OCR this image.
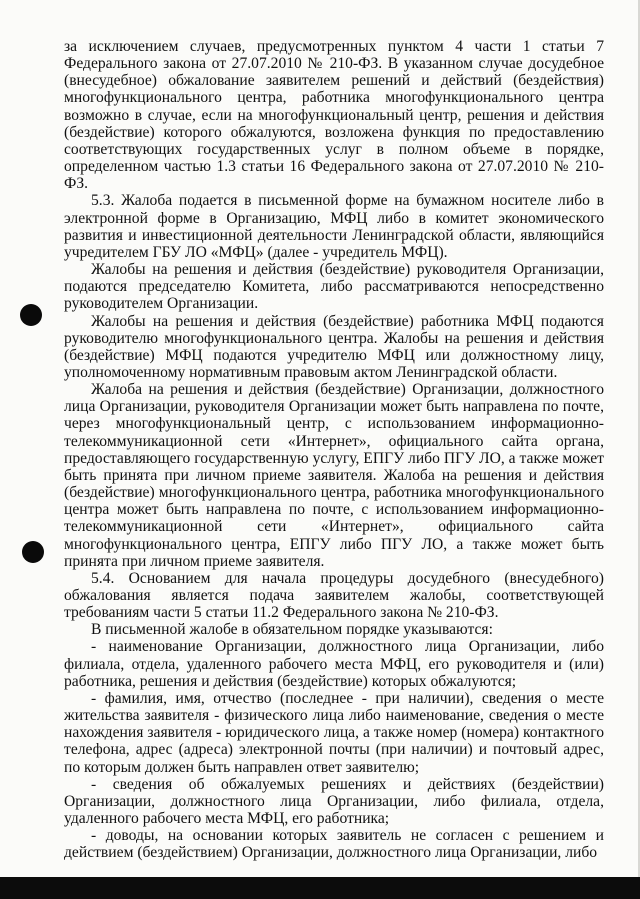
за исключением случаев, предусмотренных пунктом 4 части 1 статьи 7 Федерального закона от 27.07.2010 № 210-ФЗ. В указанном случае досудебное (внесудебное) обжалование заявителем решений и действий (бездействия) многофункционального центра, работника многофункционального центра возможно в случае, если на многофункциональный центр, решения и действия (бездействие) которого обжалуются, возложена функция по предоставлению соответствующих государственных услуг в полном объеме в порядке, определенном частью 1.3 статьи 16 Федерального закона от 27.07.2010 № 210-ФЗ.

5.3. Жалоба подается в письменной форме на бумажном носителе либо в электронной форме в Организацию, МФЦ либо в комитет экономического развития и инвестиционной деятельности Ленинградской области, являющийся учредителем ГБУ ЛО «МФЦ» (далее - учредитель МФЦ).

Жалобы на решения и действия (бездействие) руководителя Организации, подаются председателю Комитета, либо рассматриваются непосредственно руководителем Организации.

Жалобы на решения и действия (бездействие) работника МФЦ подаются руководителю многофункционального центра. Жалобы на решения и действия (бездействие) МФЦ подаются учредителю МФЦ или должностному лицу, уполномоченному нормативным правовым актом Ленинградской области.

Жалоба на решения и действия (бездействие) Организации, должностного лица Организации, руководителя Организации может быть направлена по почте, через многофункциональный центр, с использованием информационно-телекоммуникационной сети «Интернет», официального сайта органа, предоставляющего государственную услугу, ЕПГУ либо ПГУ ЛО, а также может быть принята при личном приеме заявителя. Жалоба на решения и действия (бездействие) многофункционального центра, работника многофункционального центра может быть направлена по почте, с использованием информационно-телекоммуникационной сети «Интернет», официального сайта многофункционального центра, ЕПГУ либо ПГУ ЛО, а также может быть принята при личном приеме заявителя.

5.4. Основанием для начала процедуры досудебного (внесудебного) обжалования является подача заявителем жалобы, соответствующей требованиям части 5 статьи 11.2 Федерального закона № 210-ФЗ.

В письменной жалобе в обязательном порядке указываются:

- наименование Организации, должностного лица Организации, либо филиала, отдела, удаленного рабочего места МФЦ, его руководителя и (или) работника, решения и действия (бездействие) которых обжалуются;

- фамилия, имя, отчество (последнее - при наличии), сведения о месте жительства заявителя - физического лица либо наименование, сведения о месте нахождения заявителя - юридического лица, а также номер (номера) контактного телефона, адрес (адреса) электронной почты (при наличии) и почтовый адрес, по которым должен быть направлен ответ заявителю;

- сведения об обжалуемых решениях и действиях (бездействии) Организации, должностного лица Организации, либо филиала, отдела, удаленного рабочего места МФЦ, его работника;

- доводы, на основании которых заявитель не согласен с решением и действием (бездействием) Организации, должностного лица Организации, либо
